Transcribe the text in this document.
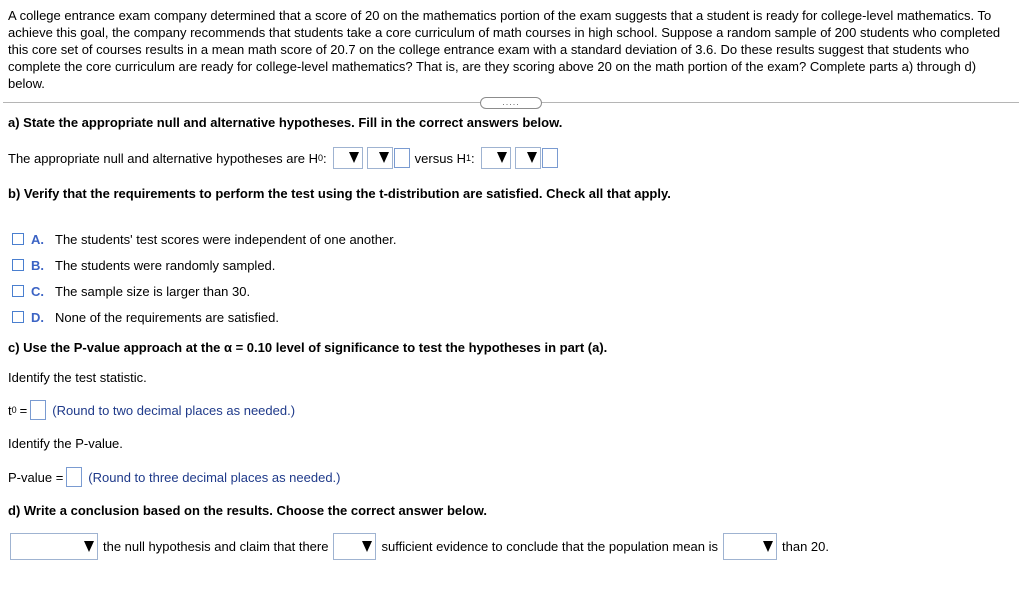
A college entrance exam company determined that a score of 20 on the mathematics portion of the exam suggests that a student is ready for college-level mathematics. To achieve this goal, the company recommends that students take a core curriculum of math courses in high school. Suppose a random sample of 200 students who completed this core set of courses results in a mean math score of 20.7 on the college entrance exam with a standard deviation of 3.6. Do these results suggest that students who complete the core curriculum are ready for college-level mathematics? That is, are they scoring above 20 on the math portion of the exam? Complete parts a) through d) below.
.....
a) State the appropriate null and alternative hypotheses. Fill in the correct answers below.
The appropriate null and alternative hypotheses are H 0 :	versus H 1 :
b) Verify that the requirements to perform the test using the t-distribution are satisfied. Check all that apply.
A. The students' test scores were independent of one another.
B. The students were randomly sampled.
C. The sample size is larger than 30.
D. None of the requirements are satisfied.
c) Use the P-value approach at the α = 0.10 level of significance to test the hypotheses in part (a).
Identify the test statistic.
t 0 = (Round to two decimal places as needed.)
Identify the P-value.
P-value = (Round to three decimal places as needed.)
d) Write a conclusion based on the results. Choose the correct answer below.
the null hypothesis and claim that there	sufficient evidence to conclude that the population mean is	than 20.
